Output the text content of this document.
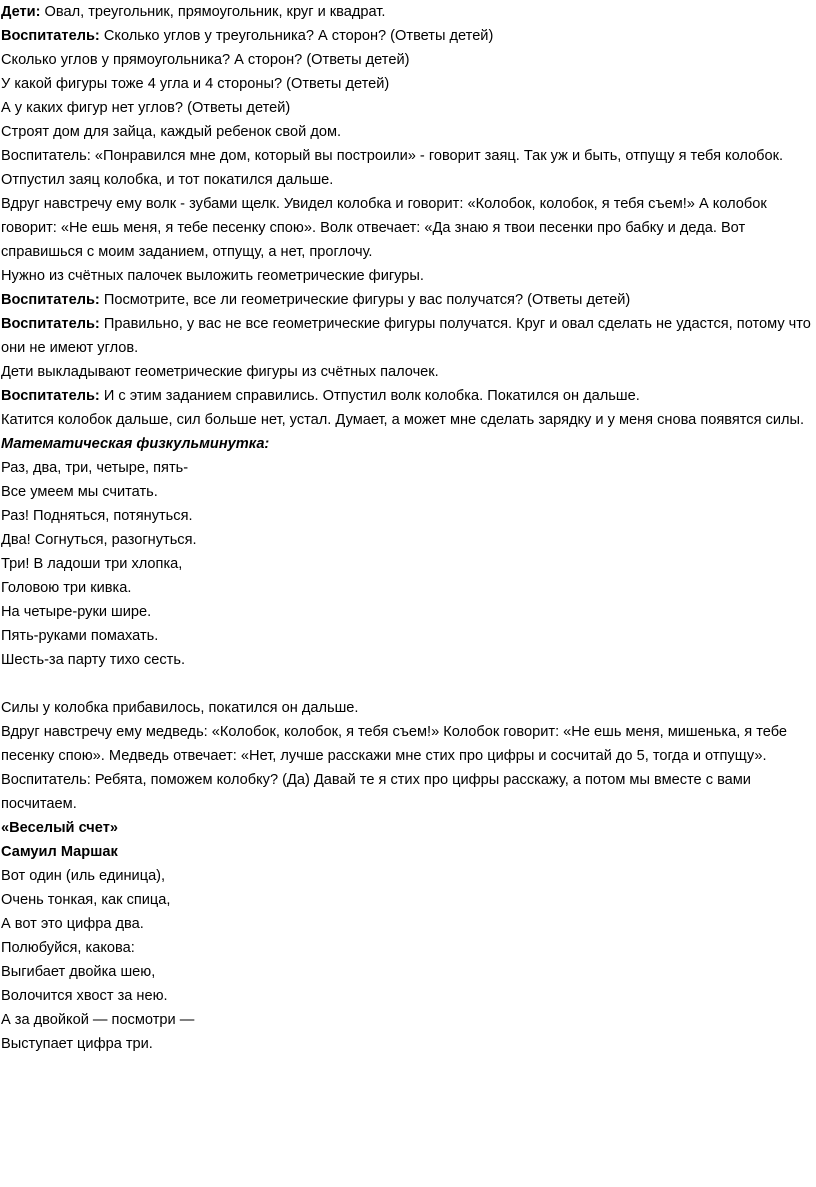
Дети: Овал, треугольник, прямоугольник, круг и квадрат.

Воспитатель: Сколько углов у треугольника? А сторон? (Ответы детей)

Сколько углов у прямоугольника? А сторон? (Ответы детей)

У какой фигуры тоже 4 угла и 4 стороны? (Ответы детей)

А у каких фигур нет углов? (Ответы детей)

Строят дом для зайца, каждый ребенок свой дом.

Воспитатель: «Понравился мне дом, который вы построили» - говорит заяц. Так уж и быть, отпущу я тебя колобок.

Отпустил заяц колобка, и тот покатился дальше.

Вдруг навстречу ему волк - зубами щелк. Увидел колобка и говорит: «Колобок, колобок, я тебя съем!» А колобок говорит: «Не ешь меня, я тебе песенку спою». Волк отвечает: «Да знаю я твои песенки про бабку и деда. Вот справишься с моим заданием, отпущу, а нет, проглочу.

Нужно из счётных палочек выложить геометрические фигуры.

Воспитатель: Посмотрите, все ли геометрические фигуры у вас получатся? (Ответы детей)

Воспитатель: Правильно, у вас не все геометрические фигуры получатся. Круг и овал сделать не удастся, потому что они не имеют углов.

Дети выкладывают геометрические фигуры из счётных палочек.

Воспитатель: И с этим заданием справились. Отпустил волк колобка. Покатился он дальше.

Катится колобок дальше, сил больше нет, устал. Думает, а может мне сделать зарядку и у меня снова появятся силы.

Математическая физкульминутка:

Раз, два, три, четыре, пять-

Все умеем мы считать.

Раз! Подняться, потянуться.

Два! Согнуться, разогнуться.

Три! В ладоши три хлопка,

Головою три кивка.

На четыре-руки шире.

Пять-руками помахать.

Шесть-за парту тихо сесть.

Силы у колобка прибавилось, покатился он дальше.

Вдруг навстречу ему медведь: «Колобок, колобок, я тебя съем!» Колобок говорит: «Не ешь меня, мишенька, я тебе песенку спою». Медведь отвечает: «Нет, лучше расскажи мне стих про цифры и сосчитай до 5, тогда и отпущу».

Воспитатель: Ребята, поможем колобку? (Да) Давай те я стих про цифры расскажу, а потом мы вместе с вами посчитаем.

«Веселый счет»

Самуил Маршак

Вот один (иль единица),

Очень тонкая, как спица,

А вот это цифра два.

Полюбуйся, какова:

Выгибает двойка шею,

Волочится хвост за нею.

А за двойкой — посмотри —

Выступает цифра три.
